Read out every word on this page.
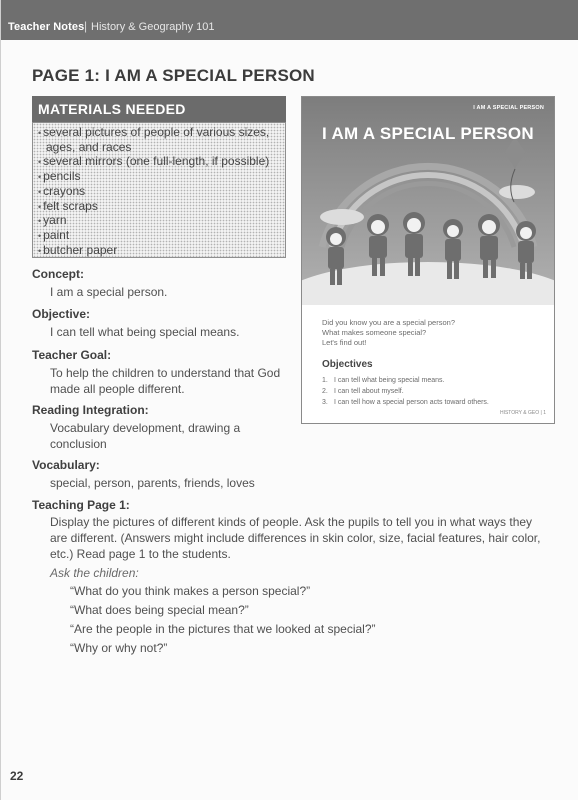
Teacher Notes | History & Geography 101
PAGE 1: I AM A SPECIAL PERSON
MATERIALS NEEDED
• several pictures of people of various sizes,
ages, and races
• several mirrors (one full-length, if possible)
• pencils
• crayons
• felt scraps
• yarn
• paint
• butcher paper
Concept:
I am a special person.
Objective:
I can tell what being special means.
Teacher Goal:
To help the children to understand that God
made all people different.
Reading Integration:
Vocabulary development, drawing a
conclusion
Vocabulary:
special, person, parents, friends, loves
Teaching Page 1:
Display the pictures of different kinds of people. Ask the pupils to tell you in what ways they
are different. (Answers might include differences in skin color, size, facial features, hair color,
etc.) Read page 1 to the students.
Ask the children:
“What do you think makes a person special?”
“What does being special mean?”
“Are the people in the pictures that we looked at special?”
“Why or why not?”
I AM A SPECIAL PERSON
I AM A SPECIAL PERSON
Did you know you are a special person?
What makes someone special?
Let's find out!
Objectives
1. I can tell what being special means.
2. I can tell about myself.
3. I can tell how a special person acts toward others.
HISTORY & GEO | 1
22
